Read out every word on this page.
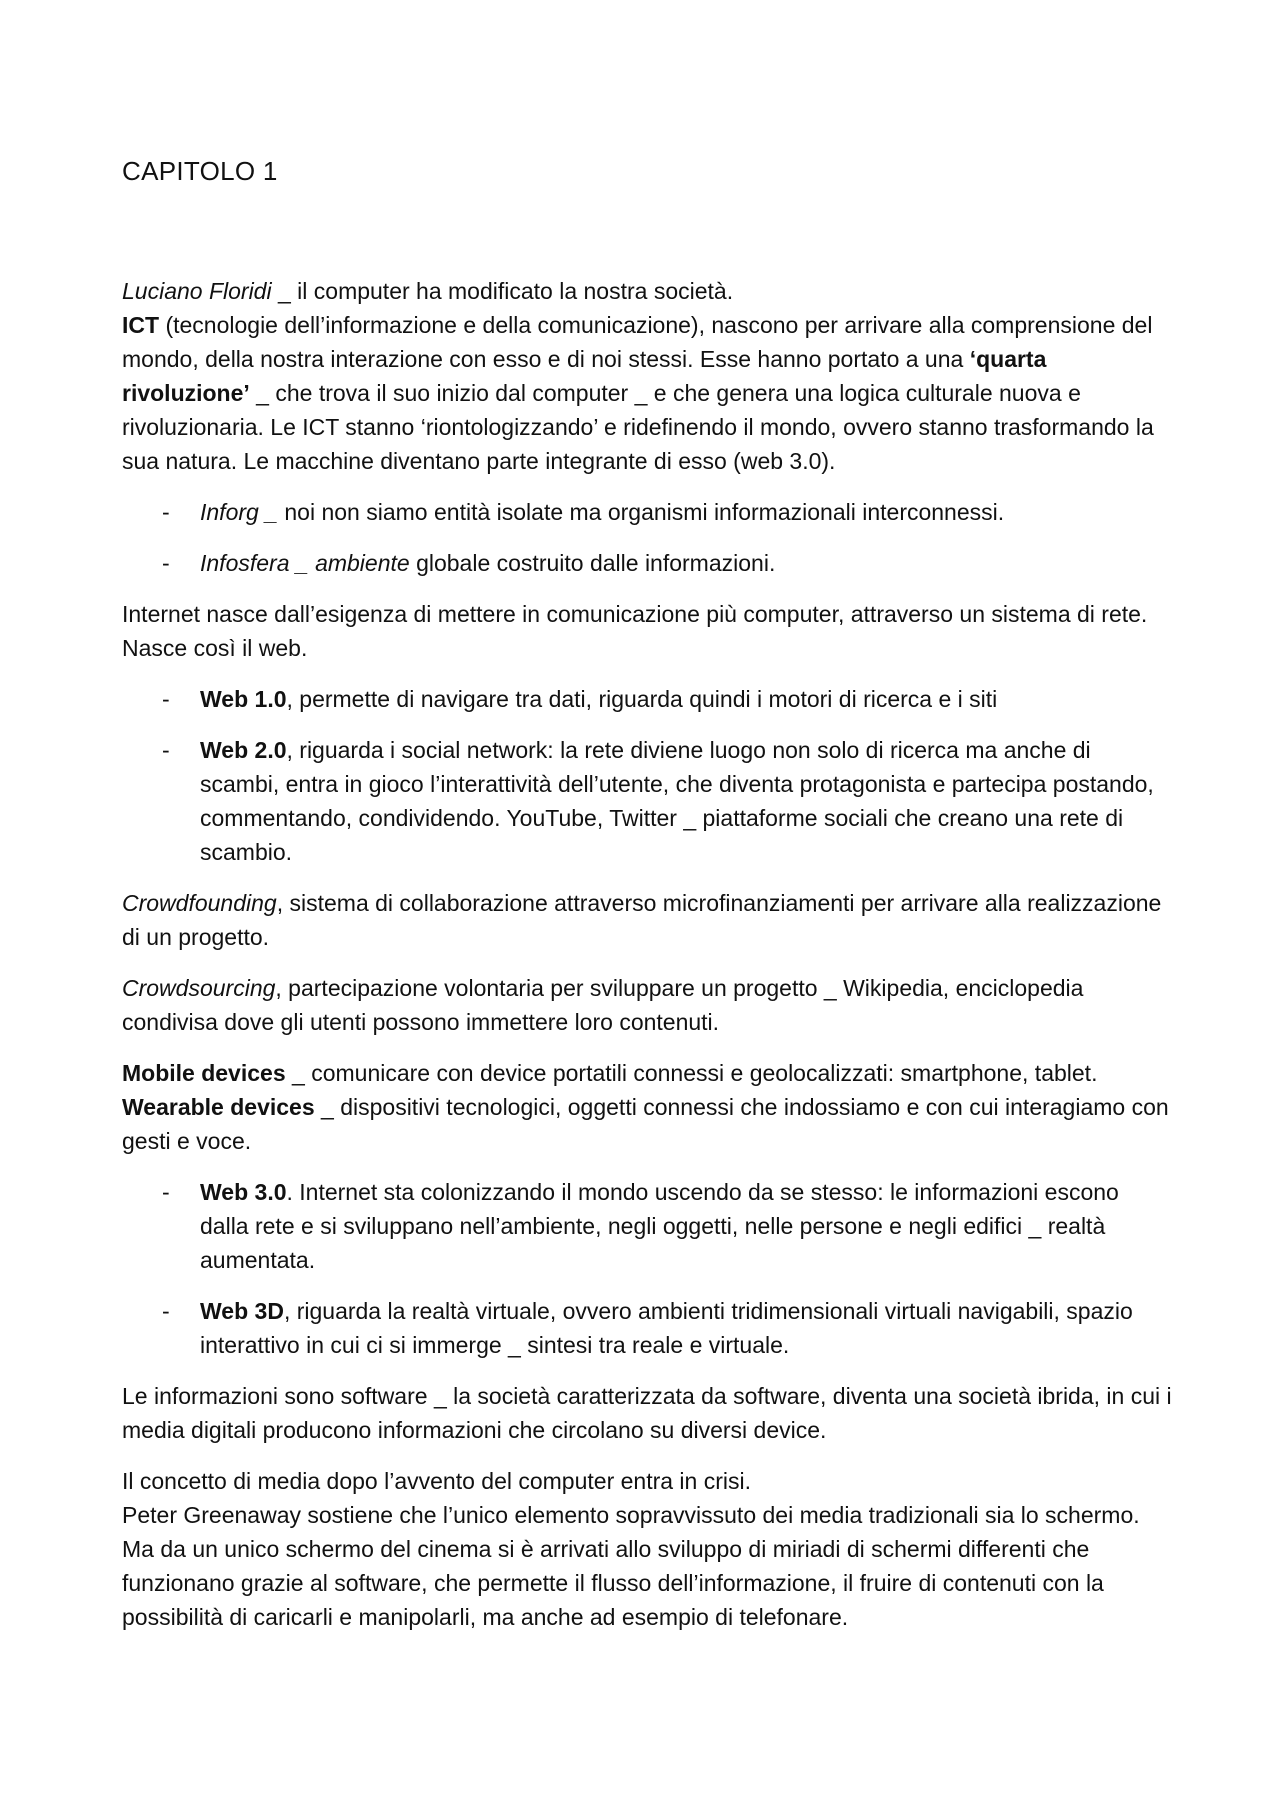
CAPITOLO 1

Luciano Floridi _ il computer ha modificato la nostra società.
ICT (tecnologie dell’informazione e della comunicazione), nascono per arrivare alla comprensione del mondo, della nostra interazione con esso e di noi stessi. Esse hanno portato a una ‘quarta rivoluzione’ _ che trova il suo inizio dal computer _ e che genera una logica culturale nuova e rivoluzionaria. Le ICT stanno ‘riontologizzando’ e ridefinendo il mondo, ovvero stanno trasformando la sua natura. Le macchine diventano parte integrante di esso (web 3.0).

- Inforg _ noi non siamo entità isolate ma organismi informazionali interconnessi.
- Infosfera _ ambiente globale costruito dalle informazioni.

Internet nasce dall’esigenza di mettere in comunicazione più computer, attraverso un sistema di rete. Nasce così il web.

- Web 1.0, permette di navigare tra dati, riguarda quindi i motori di ricerca e i siti
- Web 2.0, riguarda i social network: la rete diviene luogo non solo di ricerca ma anche di scambi, entra in gioco l’interattività dell’utente, che diventa protagonista e partecipa postando, commentando, condividendo. YouTube, Twitter _ piattaforme sociali che creano una rete di scambio.

Crowdfounding, sistema di collaborazione attraverso microfinanziamenti per arrivare alla realizzazione di un progetto.

Crowdsourcing, partecipazione volontaria per sviluppare un progetto _ Wikipedia, enciclopedia condivisa dove gli utenti possono immettere loro contenuti.

Mobile devices _ comunicare con device portatili connessi e geolocalizzati: smartphone, tablet.
Wearable devices _ dispositivi tecnologici, oggetti connessi che indossiamo e con cui interagiamo con gesti e voce.

- Web 3.0. Internet sta colonizzando il mondo uscendo da se stesso: le informazioni escono dalla rete e si sviluppano nell’ambiente, negli oggetti, nelle persone e negli edifici _ realtà aumentata.
- Web 3D, riguarda la realtà virtuale, ovvero ambienti tridimensionali virtuali navigabili, spazio interattivo in cui ci si immerge _ sintesi tra reale e virtuale.

Le informazioni sono software _ la società caratterizzata da software, diventa una società ibrida, in cui i media digitali producono informazioni che circolano su diversi device.

Il concetto di media dopo l’avvento del computer entra in crisi.
Peter Greenaway sostiene che l’unico elemento sopravvissuto dei media tradizionali sia lo schermo. Ma da un unico schermo del cinema si è arrivati allo sviluppo di miriadi di schermi differenti che funzionano grazie al software, che permette il flusso dell’informazione, il fruire di contenuti con la possibilità di caricarli e manipolarli, ma anche ad esempio di telefonare.
